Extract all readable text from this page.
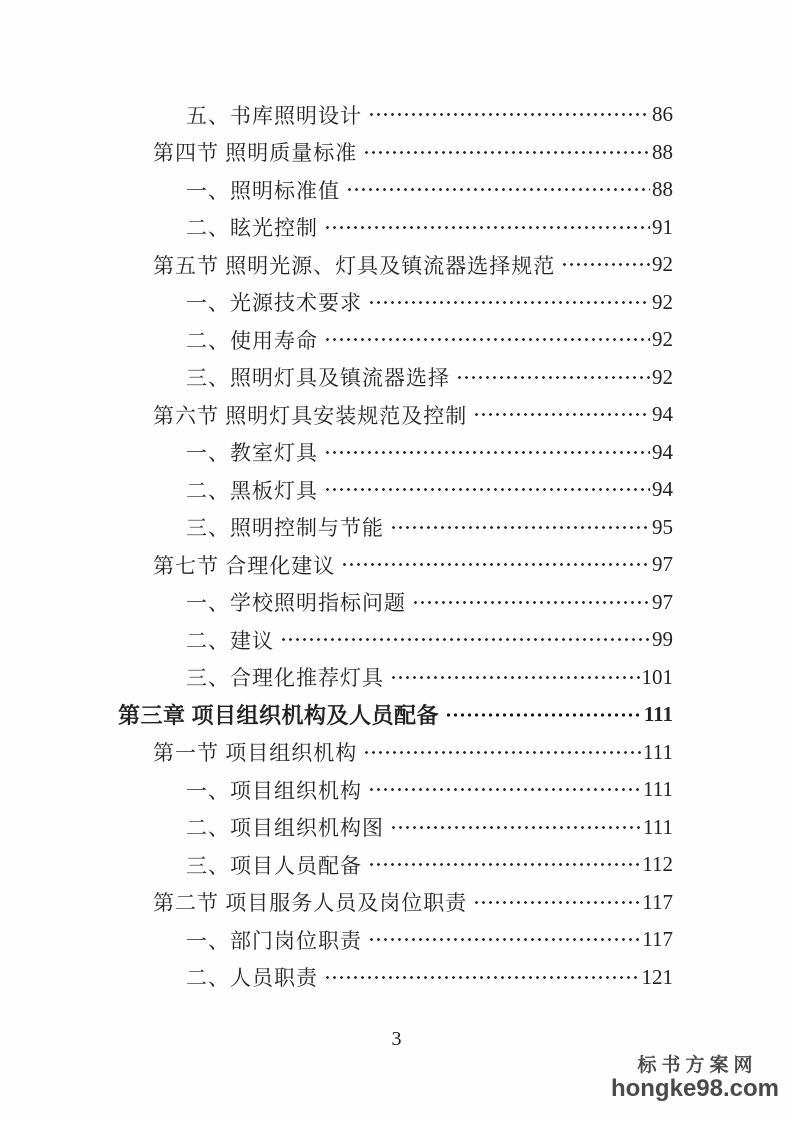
五、书库照明设计	86
第四节 照明质量标准	88
一、照明标准值	88
二、眩光控制	91
第五节 照明光源、灯具及镇流器选择规范	92
一、光源技术要求	92
二、使用寿命	92
三、照明灯具及镇流器选择	92
第六节 照明灯具安装规范及控制	94
一、教室灯具	94
二、黑板灯具	94
三、照明控制与节能	95
第七节 合理化建议	97
一、学校照明指标问题	97
二、建议	99
三、合理化推荐灯具	101
第三章 项目组织机构及人员配备	111
第一节 项目组织机构	111
一、项目组织机构	111
二、项目组织机构图	111
三、项目人员配备	112
第二节 项目服务人员及岗位职责	117
一、部门岗位职责	117
二、人员职责	121
3
标书方案网
hongke98.com
